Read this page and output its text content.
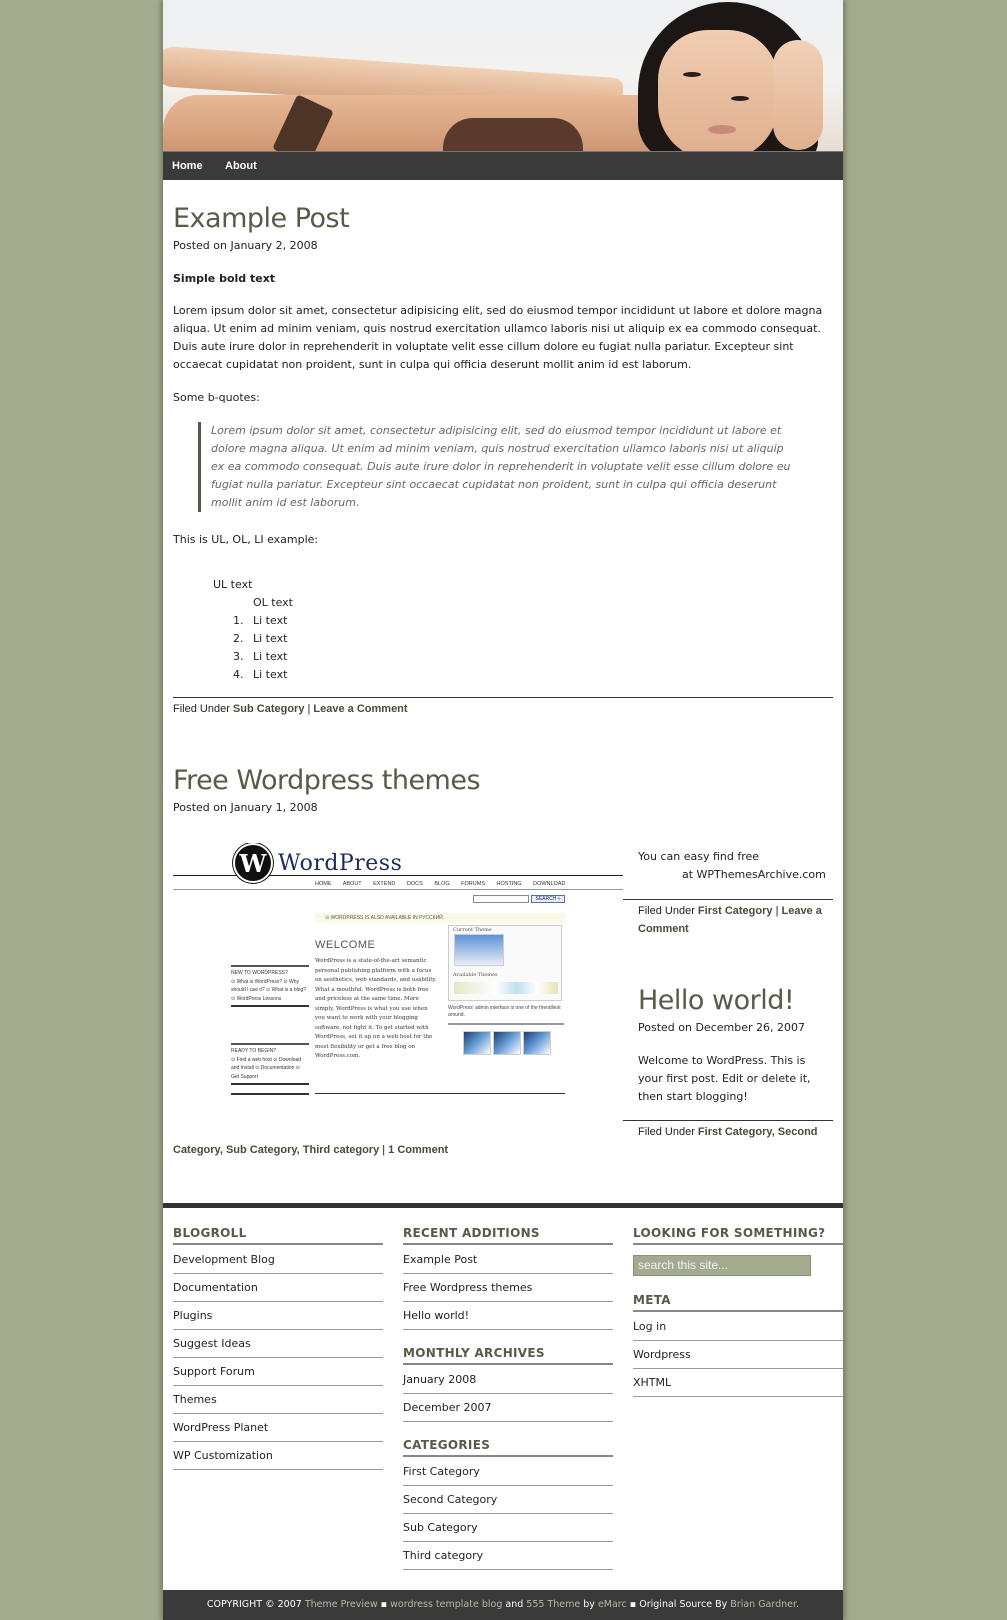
Home About
Example Post
Posted on January 2, 2008
Simple bold text
Lorem ipsum dolor sit amet, consectetur adipisicing elit, sed do eiusmod tempor incididunt ut labore et dolore magna aliqua. Ut enim ad minim veniam, quis nostrud exercitation ullamco laboris nisi ut aliquip ex ea commodo consequat. Duis aute irure dolor in reprehenderit in voluptate velit esse cillum dolore eu fugiat nulla pariatur. Excepteur sint occaecat cupidatat non proident, sunt in culpa qui officia deserunt mollit anim id est laborum.
Some b-quotes:
Lorem ipsum dolor sit amet, consectetur adipisicing elit, sed do eiusmod tempor incididunt ut labore et dolore magna aliqua. Ut enim ad minim veniam, quis nostrud exercitation ullamco laboris nisi ut aliquip ex ea commodo consequat. Duis aute irure dolor in reprehenderit in voluptate velit esse cillum dolore eu fugiat nulla pariatur. Excepteur sint occaecat cupidatat non proident, sunt in culpa qui officia deserunt mollit anim id est laborum.
This is UL, OL, LI example:
UL text
OL text
1. Li text
2. Li text
3. Li text
4. Li text
Filed Under Sub Category | Leave a Comment
Free Wordpress themes
Posted on January 1, 2008
W WordPress
HOME ABOUT EXTEND DOCS BLOG FORUMS HOSTING DOWNLOAD
SEARCH »
⊙ WORDPRESS IS ALSO AVAILABLE IN РУССКИЙ.
WELCOME
WordPress is a state-of-the-art semantic personal publishing platform with a focus on aesthetics, web standards, and usability. What a mouthful. WordPress is both free and priceless at the same time. More simply, WordPress is what you use when you want to work with your blogging software, not fight it. To get started with WordPress, set it up on a web host for the most flexibility or get a free blog on WordPress.com.
NEW TO WORDPRESS?
⊙ What is WordPress? ⊙ Why should I use it? ⊙ What is a blog? ⊙ WordPress Lessons
READY TO BEGIN?
⊙ Find a web host ⊙ Download and Install ⊙ Documentation ⊙ Get Support
Current Theme
Available Themes
WordPress' admin interface is one of the friendliest around.
You can easy find free
at WPThemesArchive.com
Filed Under First Category | Leave a Comment
Category, Sub Category, Third category | 1 Comment
Hello world!
Posted on December 26, 2007
Welcome to WordPress. This is your first post. Edit or delete it, then start blogging!
Filed Under First Category, Second
BLOGROLL
Development Blog
Documentation
Plugins
Suggest Ideas
Support Forum
Themes
WordPress Planet
WP Customization
RECENT ADDITIONS
Example Post
Free Wordpress themes
Hello world!
MONTHLY ARCHIVES
January 2008
December 2007
CATEGORIES
First Category
Second Category
Sub Category
Third category
LOOKING FOR SOMETHING?
search this site...
META
Log in
Wordpress
XHTML
COPYRIGHT © 2007 Theme Preview ▪ wordress template blog and 555 Theme by eMarc ▪ Original Source By Brian Gardner.
